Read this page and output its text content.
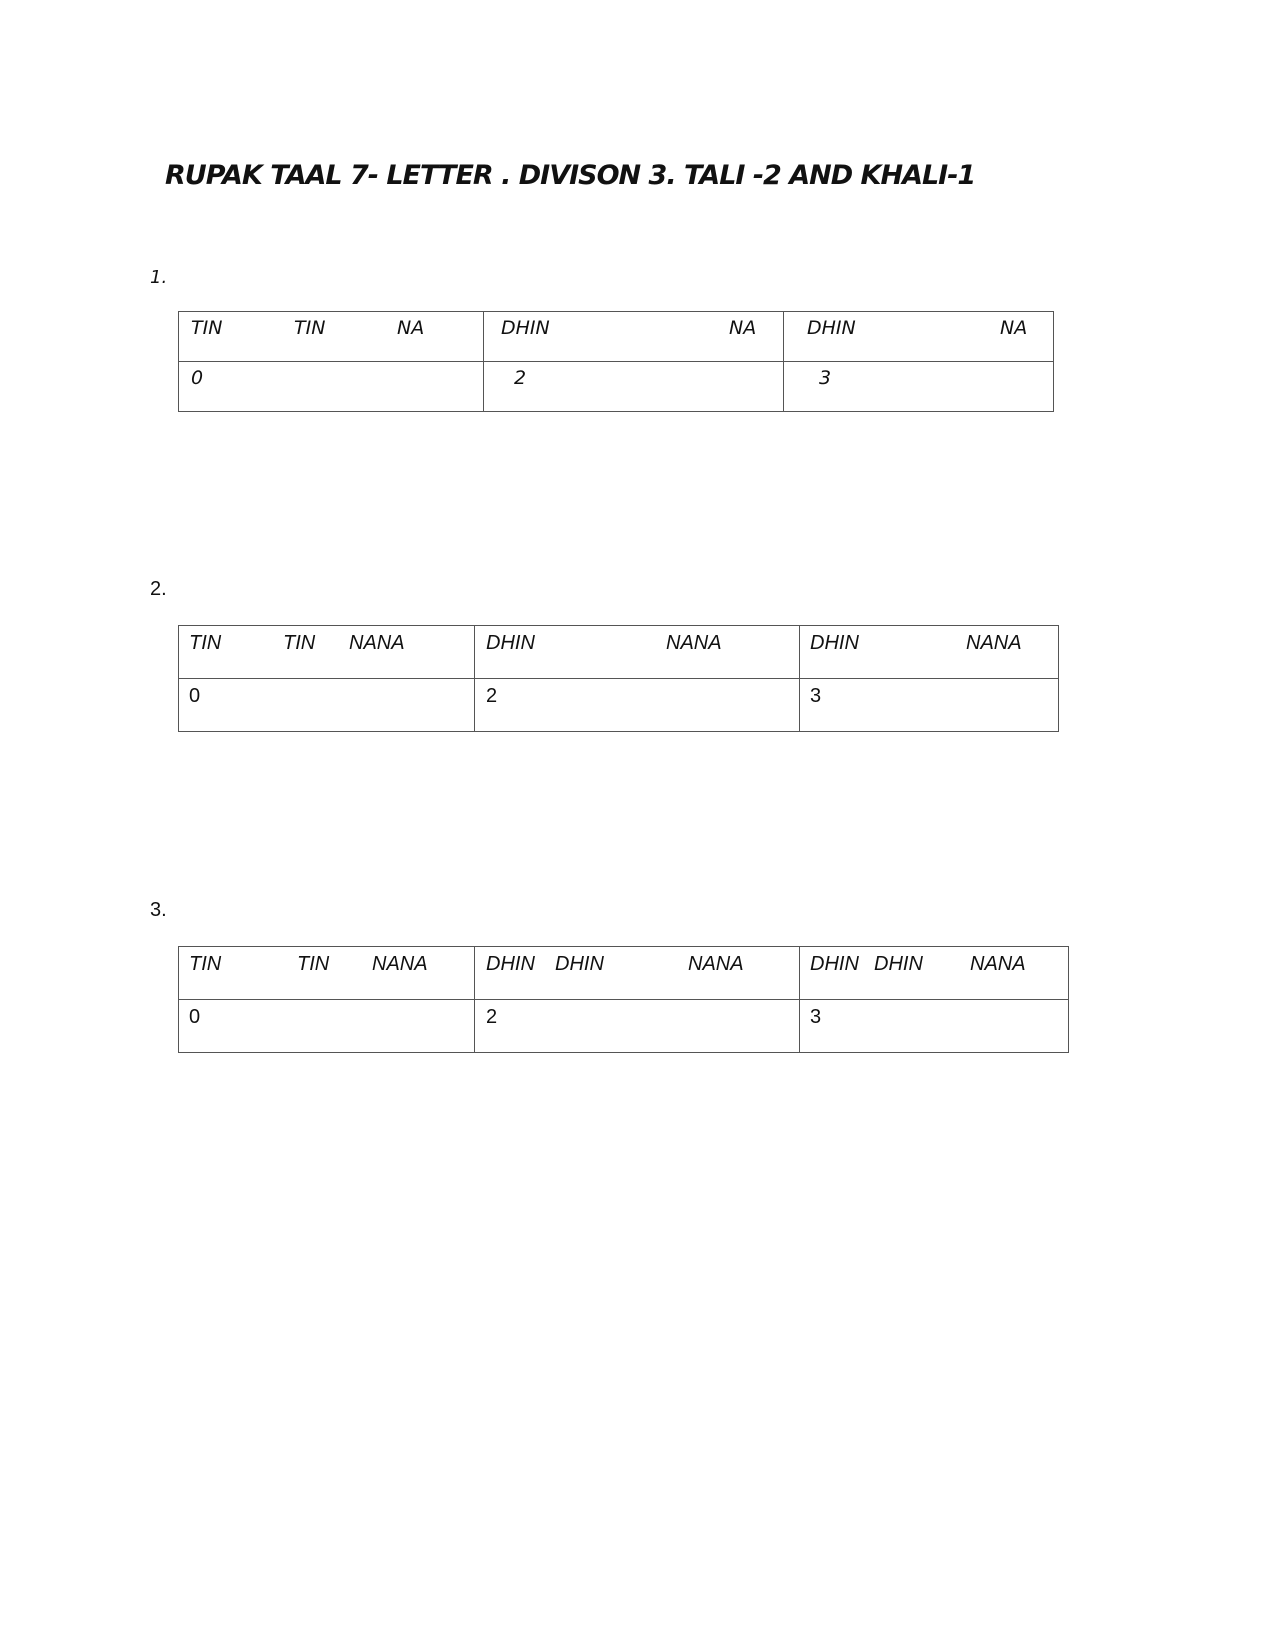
RUPAK TAAL 7- LETTER . DIVISON 3. TALI -2 AND KHALI-1
1.
TIN TIN NA	DHIN NA	DHIN NA

0	2	3
2.
TIN TIN NANA	DHIN NANA	DHIN NANA

0	2	3
3.
TIN TIN NANA	DHIN DHIN NANA	DHIN DHIN NANA

0	2	3
